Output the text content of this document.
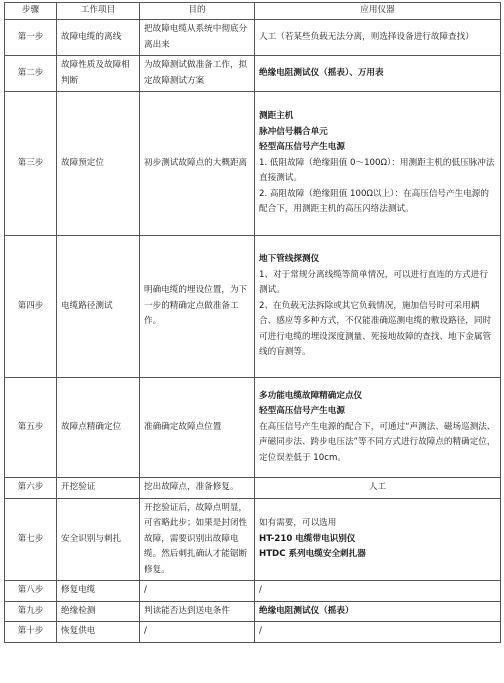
步骤	工作项目	目的	应用仪器
第一步	故障电缆的离线	把故障电缆从系统中彻底分离出来	人工（若某些负载无法分离，则选择设备进行故障查找）

第二步	故障性质及故障相判断	为故障测试做准备工作，拟定故障测试方案	绝缘电阻测试仪（摇表）、万用表

第三步	故障预定位	初步测试故障点的大概距离	测距主机
脉冲信号耦合单元
轻型高压信号产生电源
1. 低阻故障（绝缘阻值 0～100Ω）：用测距主机的低压脉冲法直接测试。
2. 高阻故障（绝缘阻值 100Ω以上）：在高压信号产生电源的配合下，用测距主机的高压闪络法测试。

第四步	电缆路径测试	明确电缆的埋设位置，为下一步的精确定点做准备工作。	地下管线探测仪
1、对于常规分离线缆等简单情况，可以进行直连的方式进行测试。
2、在负载无法拆除或其它负载情况，施加信号时可采用耦合、感应等多种方式，不仅能准确巡测电缆的敷设路径，同时可进行电缆的埋设深度测量、死接地故障的查找、地下金属管线的盲测等。

第五步	故障点精确定位	准确确定故障点位置	多功能电缆故障精确定点仪
轻型高压信号产生电源
在高压信号产生电源的配合下，可通过“声测法、磁场巡测法、声磁同步法、跨步电压法”等不同方式进行故障点的精确定位，定位误差低于 10cm。

第六步	开挖验证	挖出故障点，准备修复。	人工

第七步	安全识别与刺扎	开挖验证后，故障点明显，可省略此步；如果是封闭性故障，需要识别出故障电缆。然后刺扎确认才能锯断修复。	如有需要，可以选用
HT-210 电缆带电识别仪
HTDC 系列电缆安全刺扎器

第八步	修复电缆	/	/

第九步	绝缘检测	判读能否达到送电条件	绝缘电阻测试仪（摇表）

第十步	恢复供电	/	/
